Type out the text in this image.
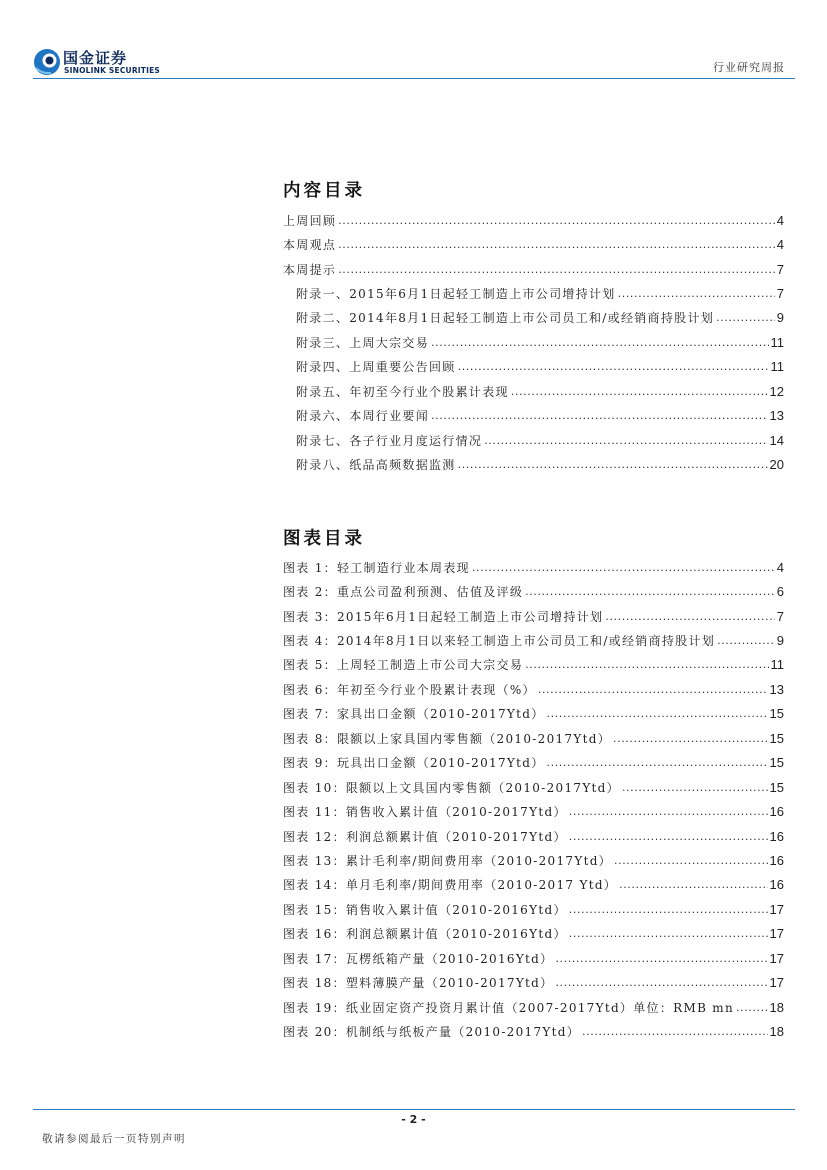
国金证券
SINOLINK SECURITIES	行业研究周报
内容目录
上周回顾 .....	4
本周观点 .....	4
本周提示 .....	7
附录一、2015年6月1日起轻工制造上市公司增持计划 .....	7
附录二、2014年8月1日起轻工制造上市公司员工和/或经销商持股计划 .....	9
附录三、上周大宗交易 .....	11
附录四、上周重要公告回顾 .....	11
附录五、年初至今行业个股累计表现 .....	12
附录六、本周行业要闻 .....	13
附录七、各子行业月度运行情况 .....	14
附录八、纸品高频数据监测 .....	20
图表目录
图表 1：轻工制造行业本周表现 .....	4
图表 2：重点公司盈利预测、估值及评级 .....	6
图表 3：2015年6月1日起轻工制造上市公司增持计划 .....	7
图表 4：2014年8月1日以来轻工制造上市公司员工和/或经销商持股计划 .....	9
图表 5：上周轻工制造上市公司大宗交易 .....	11
图表 6：年初至今行业个股累计表现（%） .....	13
图表 7：家具出口金额（2010-2017Ytd） .....	15
图表 8：限额以上家具国内零售额（2010-2017Ytd） .....	15
图表 9：玩具出口金额（2010-2017Ytd） .....	15
图表 10：限额以上文具国内零售额（2010-2017Ytd） .....	15
图表 11：销售收入累计值（2010-2017Ytd） .....	16
图表 12：利润总额累计值（2010-2017Ytd） .....	16
图表 13：累计毛利率/期间费用率（2010-2017Ytd） .....	16
图表 14：单月毛利率/期间费用率（2010-2017 Ytd） .....	16
图表 15：销售收入累计值（2010-2016Ytd） .....	17
图表 16：利润总额累计值（2010-2016Ytd） .....	17
图表 17：瓦楞纸箱产量（2010-2016Ytd） .....	17
图表 18：塑料薄膜产量（2010-2017Ytd） .....	17
图表 19：纸业固定资产投资月累计值（2007-2017Ytd）单位：RMB mn .....	18
图表 20：机制纸与纸板产量（2010-2017Ytd） .....	18
- 2 -
敬请参阅最后一页特别声明
